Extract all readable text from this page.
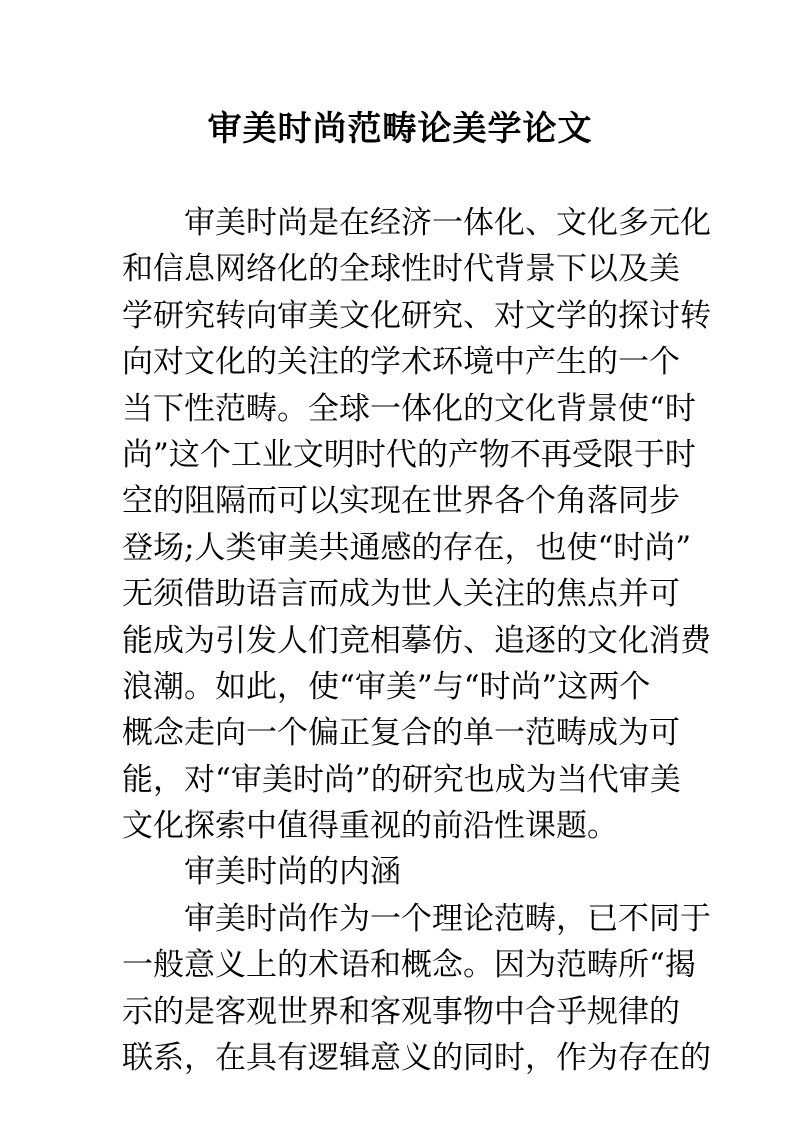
审美时尚范畴论美学论文
审美时尚是在经济一体化、文化多元化
和信息网络化的全球性时代背景下以及美
学研究转向审美文化研究、对文学的探讨转
向对文化的关注的学术环境中产生的一个
当下性范畴。全球一体化的文化背景使“时
尚”这个工业文明时代的产物不再受限于时
空的阻隔而可以实现在世界各个角落同步
登场;人类审美共通感的存在，也使“时尚”
无须借助语言而成为世人关注的焦点并可
能成为引发人们竞相摹仿、追逐的文化消费
浪潮。如此，使“审美”与“时尚”这两个
概念走向一个偏正复合的单一范畴成为可
能，对“审美时尚”的研究也成为当代审美
文化探索中值得重视的前沿性课题。
审美时尚的内涵
审美时尚作为一个理论范畴，已不同于
一般意义上的术语和概念。因为范畴所“揭
示的是客观世界和客观事物中合乎规律的
联系，在具有逻辑意义的同时，作为存在的
